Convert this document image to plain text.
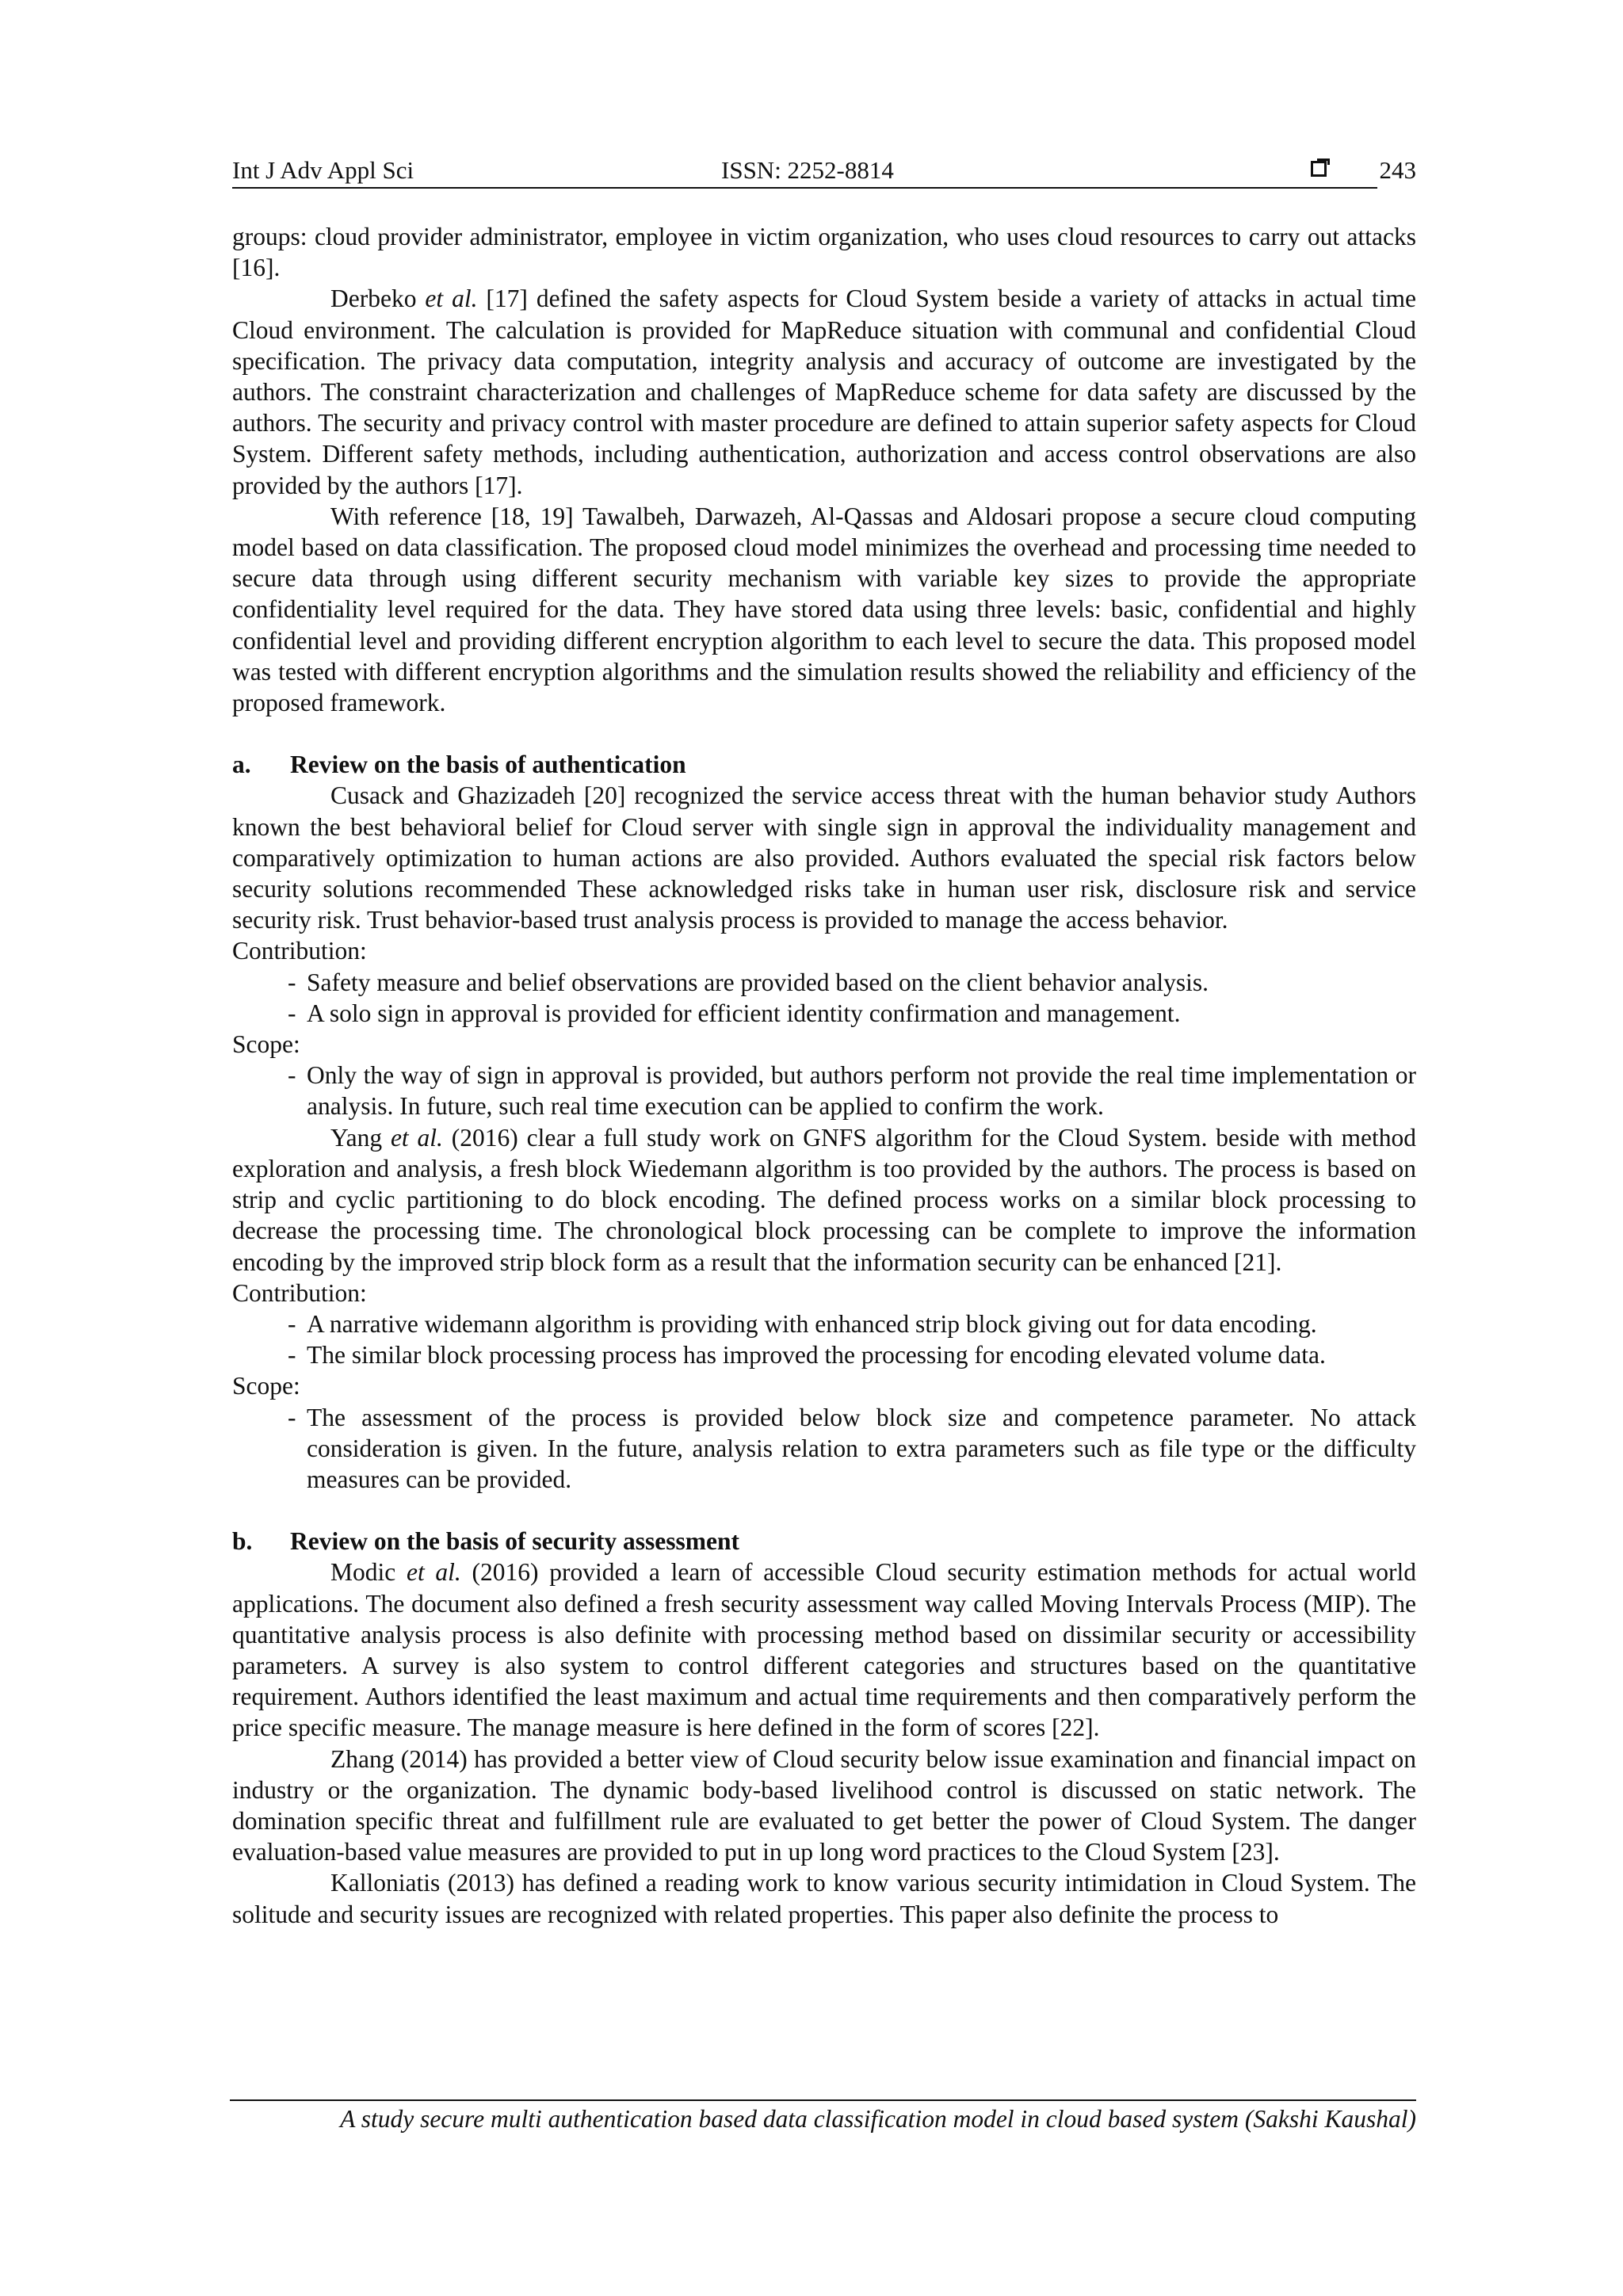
Int J Adv Appl Sci	ISSN: 2252-8814	243

groups: cloud provider administrator, employee in victim organization, who uses cloud resources to carry out attacks [16].

Derbeko et al. [17] defined the safety aspects for Cloud System beside a variety of attacks in actual time Cloud environment. The calculation is provided for MapReduce situation with communal and confidential Cloud specification. The privacy data computation, integrity analysis and accuracy of outcome are investigated by the authors. The constraint characterization and challenges of MapReduce scheme for data safety are discussed by the authors. The security and privacy control with master procedure are defined to attain superior safety aspects for Cloud System. Different safety methods, including authentication, authorization and access control observations are also provided by the authors [17].

With reference [18, 19] Tawalbeh, Darwazeh, Al-Qassas and Aldosari propose a secure cloud computing model based on data classification. The proposed cloud model minimizes the overhead and processing time needed to secure data through using different security mechanism with variable key sizes to provide the appropriate confidentiality level required for the data. They have stored data using three levels: basic, confidential and highly confidential level and providing different encryption algorithm to each level to secure the data. This proposed model was tested with different encryption algorithms and the simulation results showed the reliability and efficiency of the proposed framework.

a. Review on the basis of authentication

Cusack and Ghazizadeh [20] recognized the service access threat with the human behavior study Authors known the best behavioral belief for Cloud server with single sign in approval the individuality management and comparatively optimization to human actions are also provided. Authors evaluated the special risk factors below security solutions recommended These acknowledged risks take in human user risk, disclosure risk and service security risk. Trust behavior-based trust analysis process is provided to manage the access behavior.

Contribution:

- Safety measure and belief observations are provided based on the client behavior analysis.
- A solo sign in approval is provided for efficient identity confirmation and management.

Scope:

- Only the way of sign in approval is provided, but authors perform not provide the real time implementation or analysis. In future, such real time execution can be applied to confirm the work.

Yang et al. (2016) clear a full study work on GNFS algorithm for the Cloud System. beside with method exploration and analysis, a fresh block Wiedemann algorithm is too provided by the authors. The process is based on strip and cyclic partitioning to do block encoding. The defined process works on a similar block processing to decrease the processing time. The chronological block processing can be complete to improve the information encoding by the improved strip block form as a result that the information security can be enhanced [21].

Contribution:

- A narrative widemann algorithm is providing with enhanced strip block giving out for data encoding.
- The similar block processing process has improved the processing for encoding elevated volume data.

Scope:

- The assessment of the process is provided below block size and competence parameter. No attack consideration is given. In the future, analysis relation to extra parameters such as file type or the difficulty measures can be provided.

b. Review on the basis of security assessment

Modic et al. (2016) provided a learn of accessible Cloud security estimation methods for actual world applications. The document also defined a fresh security assessment way called Moving Intervals Process (MIP). The quantitative analysis process is also definite with processing method based on dissimilar security or accessibility parameters. A survey is also system to control different categories and structures based on the quantitative requirement. Authors identified the least maximum and actual time requirements and then comparatively perform the price specific measure. The manage measure is here defined in the form of scores [22].

Zhang (2014) has provided a better view of Cloud security below issue examination and financial impact on industry or the organization. The dynamic body-based livelihood control is discussed on static network. The domination specific threat and fulfillment rule are evaluated to get better the power of Cloud System. The danger evaluation-based value measures are provided to put in up long word practices to the Cloud System [23].

Kalloniatis (2013) has defined a reading work to know various security intimidation in Cloud System. The solitude and security issues are recognized with related properties. This paper also definite the process to

A study secure multi authentication based data classification model in cloud based system (Sakshi Kaushal)
